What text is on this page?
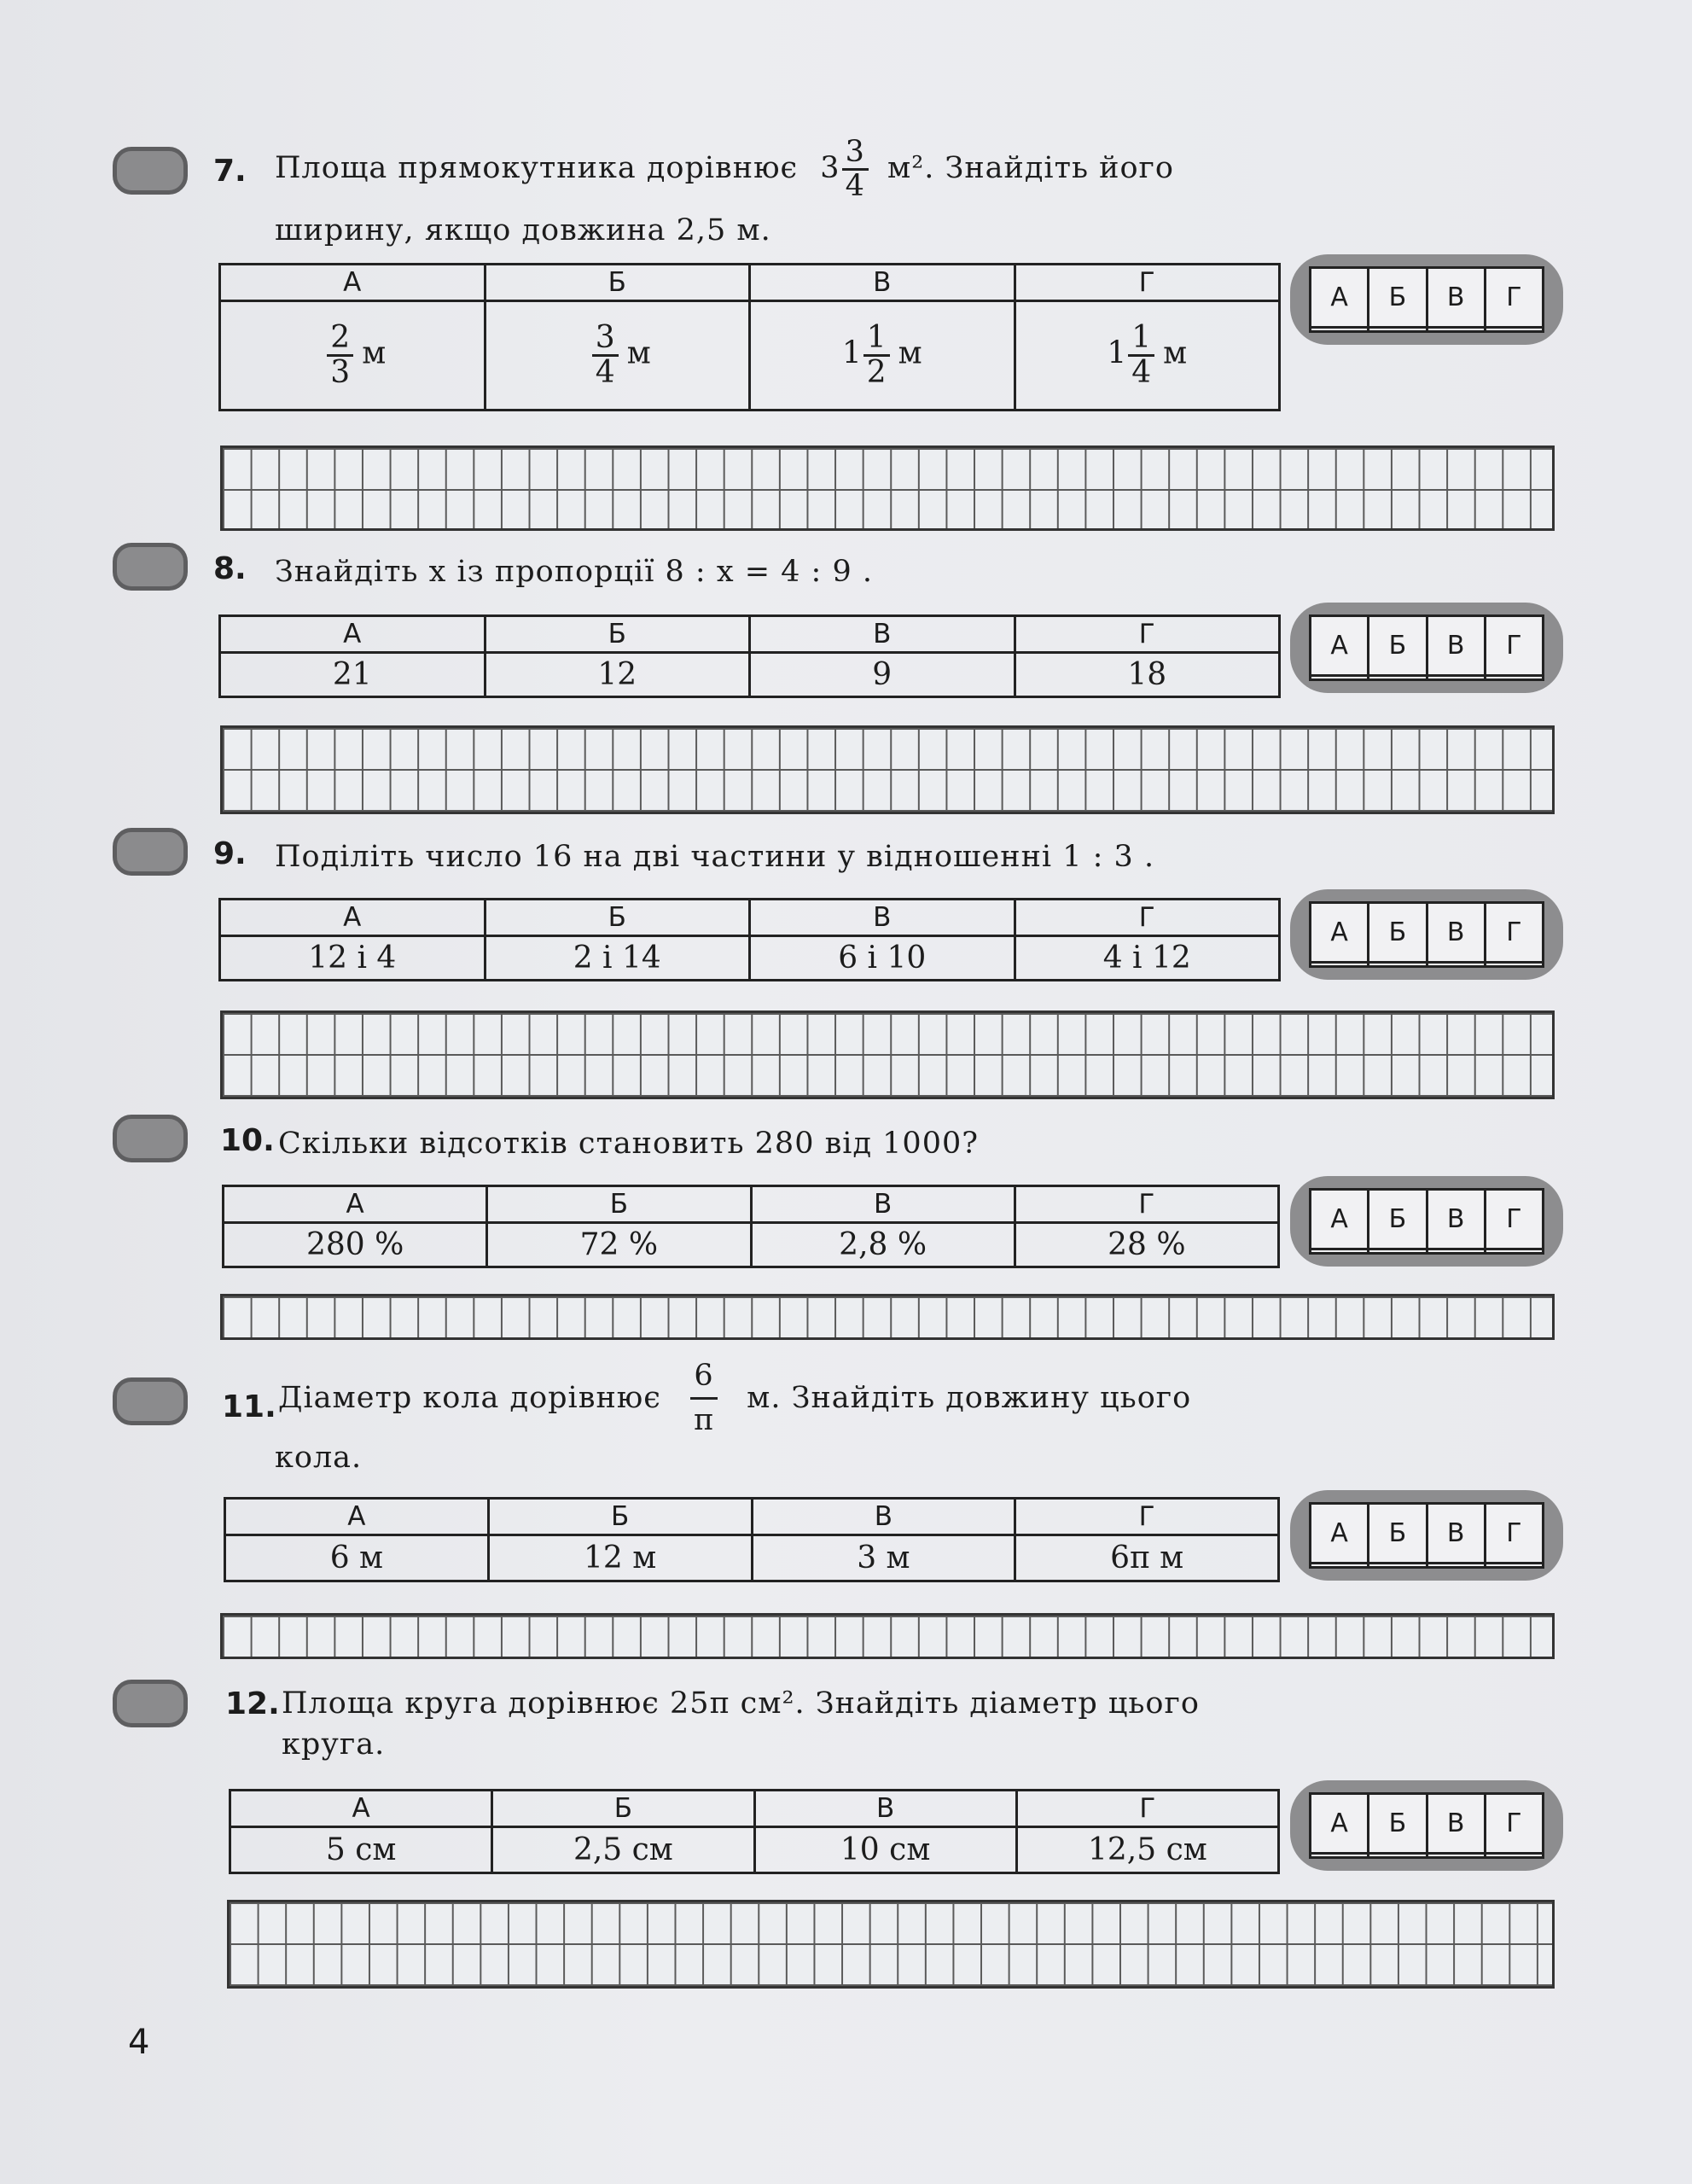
7. Площа прямокутника дорівнює $3 \frac{3}{4} м^2$. Знайдіть його
ширину, якщо довжина 2,5 м.
А	Б	В	Г

$\frac{2}{3}$ м	$\frac{3}{4}$ м	$1 \frac{1}{2}$ м	$1 \frac{1}{4}$ м
А	Б	В	Г

8. Знайдіть x із пропорції 8 : x = 4 : 9 .
А	Б	В	Г
21	12	9	18
А	Б	В	Г

9. Поділіть число 16 на дві частини у відношенні 1 : 3 .
А	Б	В	Г
12 і 4	2 і 14	6 і 10	4 і 12
А	Б	В	Г

10. Скільки відсотків становить 280 від 1000?
А	Б	В	Г
280 %	72 %	2,8 %	28 %
А	Б	В	Г

11. Діаметр кола дорівнює $\frac{6}{\pi} м$. Знайдіть довжину цього
кола.
А	Б	В	Г
6 м	12 м	3 м	6π м
А	Б	В	Г

12. Площа круга дорівнює 25π см². Знайдіть діаметр цього
круга.
А	Б	В	Г
5 см	2,5 см	10 см	12,5 см
А	Б	В	Г

4
